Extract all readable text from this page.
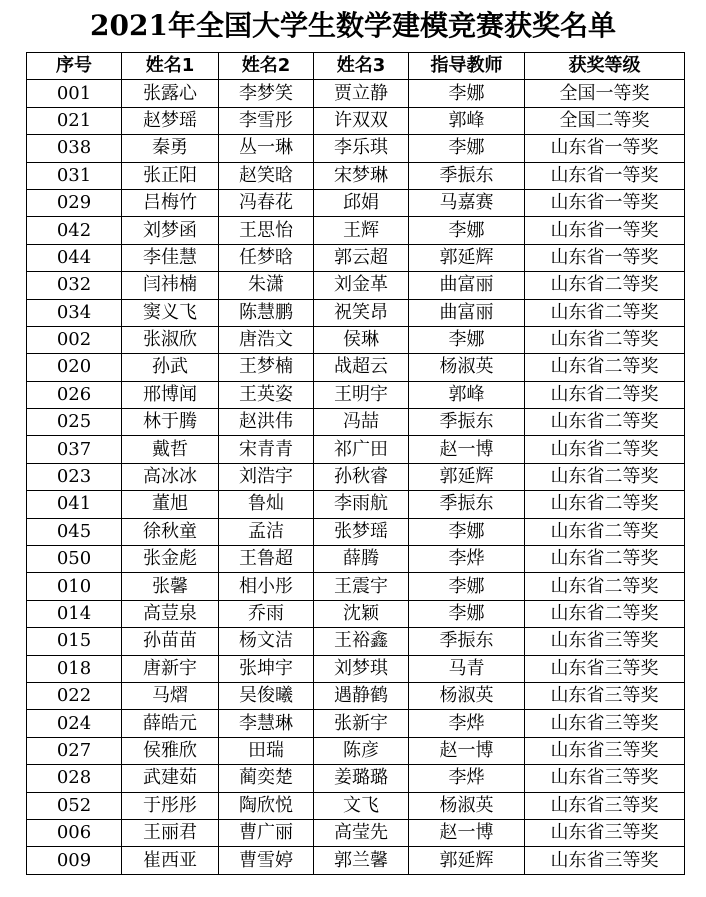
2021年全国大学生数学建模竞赛获奖名单
序号	姓名1	姓名2	姓名3	指导教师	获奖等级
001	张露心	李梦笑	贾立静	李娜	全国一等奖
021	赵梦瑶	李雪彤	许双双	郭峰	全国二等奖
038	秦勇	丛一琳	李乐琪	李娜	山东省一等奖
031	张正阳	赵笑晗	宋梦琳	季振东	山东省一等奖
029	吕梅竹	冯春花	邱娟	马嘉赛	山东省一等奖
042	刘梦函	王思怡	王辉	李娜	山东省一等奖
044	李佳慧	任梦晗	郭云超	郭延辉	山东省一等奖
032	闫祎楠	朱潇	刘金革	曲富丽	山东省二等奖
034	窦义飞	陈慧鹏	祝笑昂	曲富丽	山东省二等奖
002	张淑欣	唐浩文	侯琳	李娜	山东省二等奖
020	孙武	王梦楠	战超云	杨淑英	山东省二等奖
026	邢博闻	王英姿	王明宇	郭峰	山东省二等奖
025	林于腾	赵洪伟	冯喆	季振东	山东省二等奖
037	戴哲	宋青青	祁广田	赵一博	山东省二等奖
023	高冰冰	刘浩宇	孙秋睿	郭延辉	山东省二等奖
041	董旭	鲁灿	李雨航	季振东	山东省二等奖
045	徐秋童	孟洁	张梦瑶	李娜	山东省二等奖
050	张金彪	王鲁超	薛腾	李烨	山东省二等奖
010	张馨	相小彤	王震宇	李娜	山东省二等奖
014	高荳泉	乔雨	沈颖	李娜	山东省二等奖
015	孙苗苗	杨文洁	王裕鑫	季振东	山东省三等奖
018	唐新宇	张坤宇	刘梦琪	马青	山东省三等奖
022	马熠	吴俊曦	遇静鹤	杨淑英	山东省三等奖
024	薛皓元	李慧琳	张新宇	李烨	山东省三等奖
027	侯雅欣	田瑞	陈彦	赵一博	山东省三等奖
028	武建茹	蔺奕楚	姜璐璐	李烨	山东省三等奖
052	于彤彤	陶欣悦	文飞	杨淑英	山东省三等奖
006	王丽君	曹广丽	高莹先	赵一博	山东省三等奖
009	崔西亚	曹雪婷	郭兰馨	郭延辉	山东省三等奖
